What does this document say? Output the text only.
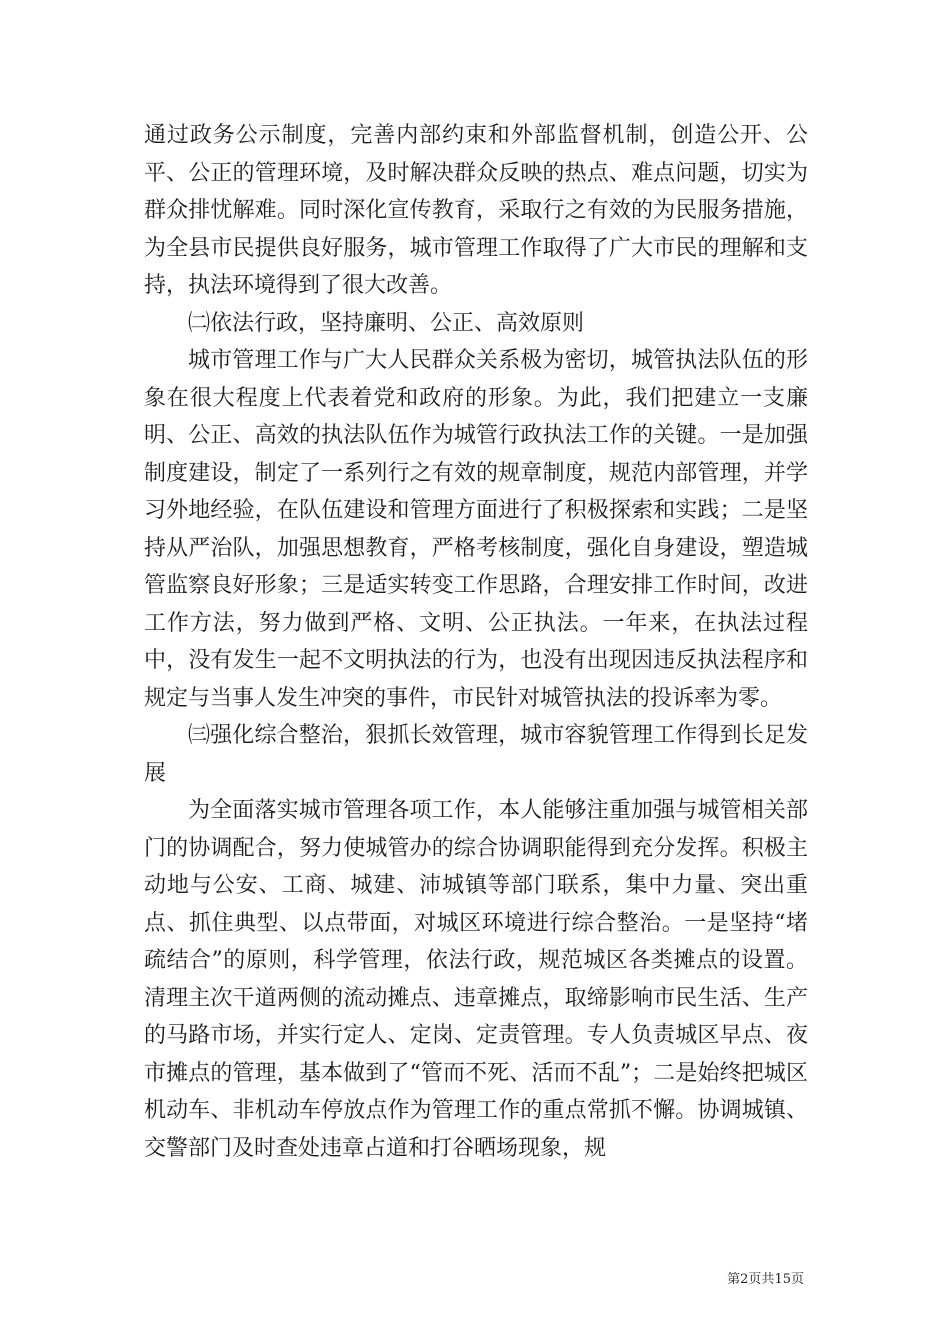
通过政务公示制度，完善内部约束和外部监督机制，创造公开、公平、公正的管理环境，及时解决群众反映的热点、难点问题，切实为群众排忧解难。同时深化宣传教育，采取行之有效的为民服务措施，为全县市民提供良好服务，城市管理工作取得了广大市民的理解和支持，执法环境得到了很大改善。

㈡依法行政，坚持廉明、公正、高效原则

城市管理工作与广大人民群众关系极为密切，城管执法队伍的形象在很大程度上代表着党和政府的形象。为此，我们把建立一支廉明、公正、高效的执法队伍作为城管行政执法工作的关键。一是加强制度建设，制定了一系列行之有效的规章制度，规范内部管理，并学习外地经验，在队伍建设和管理方面进行了积极探索和实践；二是坚持从严治队，加强思想教育，严格考核制度，强化自身建设，塑造城管监察良好形象；三是适实转变工作思路，合理安排工作时间，改进工作方法，努力做到严格、文明、公正执法。一年来，在执法过程中，没有发生一起不文明执法的行为，也没有出现因违反执法程序和规定与当事人发生冲突的事件，市民针对城管执法的投诉率为零。

㈢强化综合整治，狠抓长效管理，城市容貌管理工作得到长足发展

为全面落实城市管理各项工作，本人能够注重加强与城管相关部门的协调配合，努力使城管办的综合协调职能得到充分发挥。积极主动地与公安、工商、城建、沛城镇等部门联系，集中力量、突出重点、抓住典型、以点带面，对城区环境进行综合整治。一是坚持“堵疏结合”的原则，科学管理，依法行政，规范城区各类摊点的设置。清理主次干道两侧的流动摊点、违章摊点，取缔影响市民生活、生产的马路市场，并实行定人、定岗、定责管理。专人负责城区早点、夜市摊点的管理，基本做到了“管而不死、活而不乱”；二是始终把城区机动车、非机动车停放点作为管理工作的重点常抓不懈。协调城镇、交警部门及时查处违章占道和打谷晒场现象，规

第2页共15页
